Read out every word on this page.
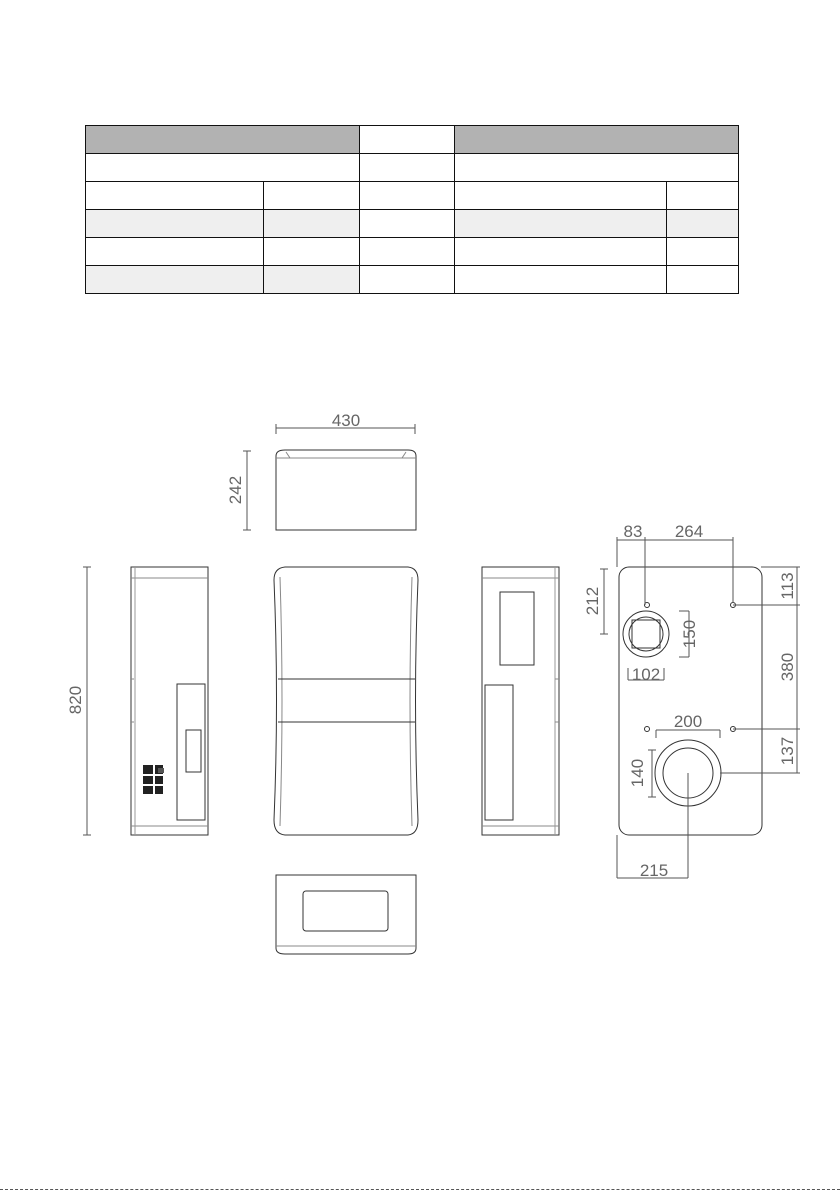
430
242
820
83 264
212
150
102
113
380
200
137
140
215
